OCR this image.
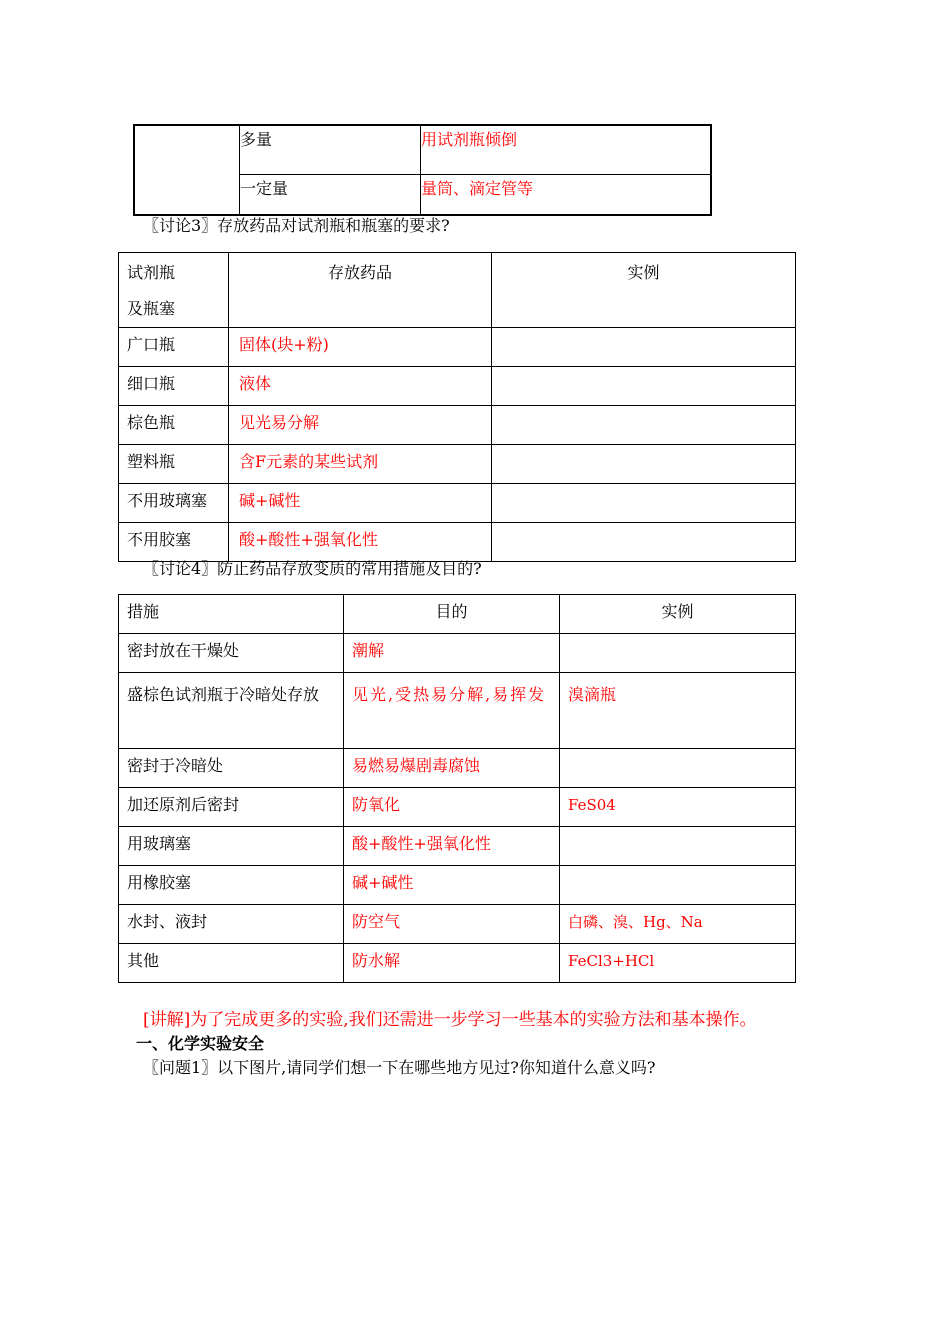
	多量	用试剂瓶倾倒
	一定量	量筒、滴定管等
〖讨论3〗存放药品对试剂瓶和瓶塞的要求?
试剂瓶
及瓶塞	存放药品	实例
广口瓶	固体(块+粉)	
细口瓶	液体	
棕色瓶	见光易分解	
塑料瓶	含F元素的某些试剂	
不用玻璃塞	碱+碱性	
不用胶塞	酸+酸性+强氧化性	
〖讨论4〗防止药品存放变质的常用措施及目的?
措施	目的	实例
密封放在干燥处	潮解	
盛棕色试剂瓶于冷暗处存放	见光,受热易分解,易挥发	溴滴瓶
密封于冷暗处	易燃易爆剧毒腐蚀	
加还原剂后密封	防氧化	FeS04
用玻璃塞	酸+酸性+强氧化性	
用橡胶塞	碱+碱性	
水封、液封	防空气	白磷、溴、Hg、Na
其他	防水解	FeCl3+HCl
[讲解]为了完成更多的实验,我们还需进一步学习一些基本的实验方法和基本操作。
一、化学实验安全
〖问题1〗以下图片,请同学们想一下在哪些地方见过?你知道什么意义吗?
